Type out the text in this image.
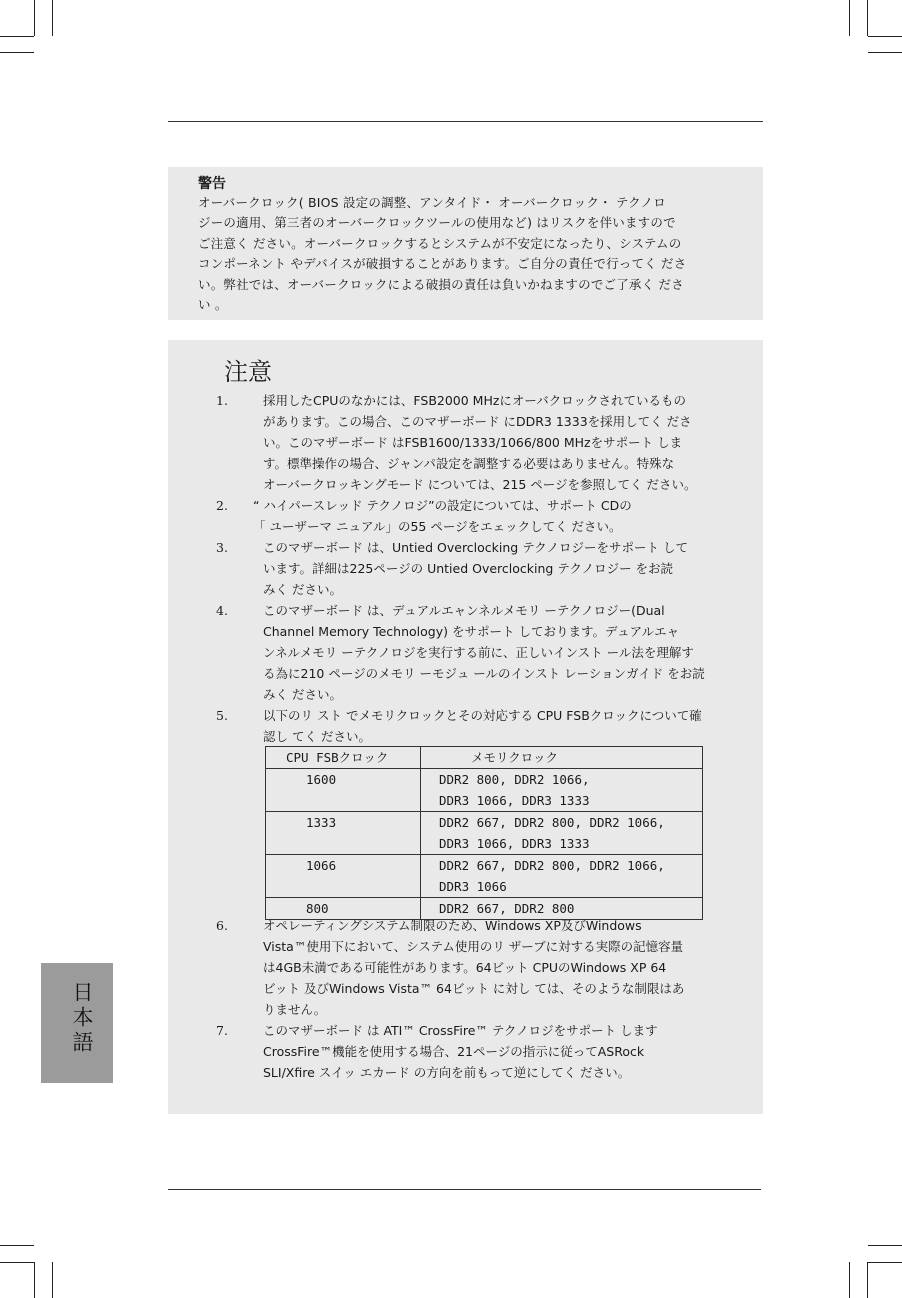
警告
オーバークロック( BIOS 設定の調整、アンタイド・ オーバークロック・ テクノロ
ジーの適用、第三者のオーバークロックツールの使用など) はリスクを伴いますので
ご注意く ださい。オーバークロックするとシステムが不安定になったり、システムの
コンポーネント やデバイスが破損することがあります。ご自分の責任で行ってく ださ
い。弊社では、オーバークロックによる破損の責任は負いかねますのでご了承く ださ
い 。
注意
1.	採用したCPUのなかには、FSB2000 MHzにオーバクロックされているもの
があります。この場合、このマザーボード にDDR3 1333を採用してく ださ
い。このマザーボード はFSB1600/1333/1066/800 MHzをサポート しま
す。標準操作の場合、ジャンパ設定を調整する必要はありません。特殊な
オーバークロッキングモード については、215 ページを参照してく ださい。
2. “ ハイパースレッド テクノロジ”の設定については、サポート CDの
「 ユーザーマ ニュアル」の55 ページをエェックしてく ださい。
3.	このマザーボード は、Untied Overclocking テクノロジーをサポート して
います。詳細は225ページの Untied Overclocking テクノロジー をお読
みく ださい。
4.	このマザーボード は、デュアルエャンネルメモリ ーテクノロジー(Dual
Channel Memory Technology) をサポート しております。デュアルエャ
ンネルメモリ ーテクノロジを実行する前に、正しいインスト ール法を理解す
る為に210 ページのメモリ ーモジュ ールのインスト レーションガイド をお読
みく ださい。
5.	以下のリ スト でメモリクロックとその対応する CPU FSBクロックについて確
認し てく ださい。
CPU FSBクロック	メモリクロック
1600	DDR2 800, DDR2 1066,
DDR3 1066, DDR3 1333

1333	DDR2 667, DDR2 800, DDR2 1066,
DDR3 1066, DDR3 1333

1066	DDR2 667, DDR2 800, DDR2 1066,
DDR3 1066

800	DDR2 667, DDR2 800
6.	オペレーティングシステム制限のため、Windows XP及びWindows
Vista™使用下において、システム使用のリ ザーブに対する実際の記憶容量
は4GB未満である可能性があります。64ビット CPUのWindows XP 64
ビット 及びWindows Vista™ 64ビット に対し ては、そのような制限はあ
りません。
7.	このマザーボード は ATI™ CrossFire™ テクノロジをサポート します
CrossFire™機能を使用する場合、21ページの指示に従ってASRock
SLI/Xfire スイッ エカード の方向を前もって逆にしてく ださい。
日本語
